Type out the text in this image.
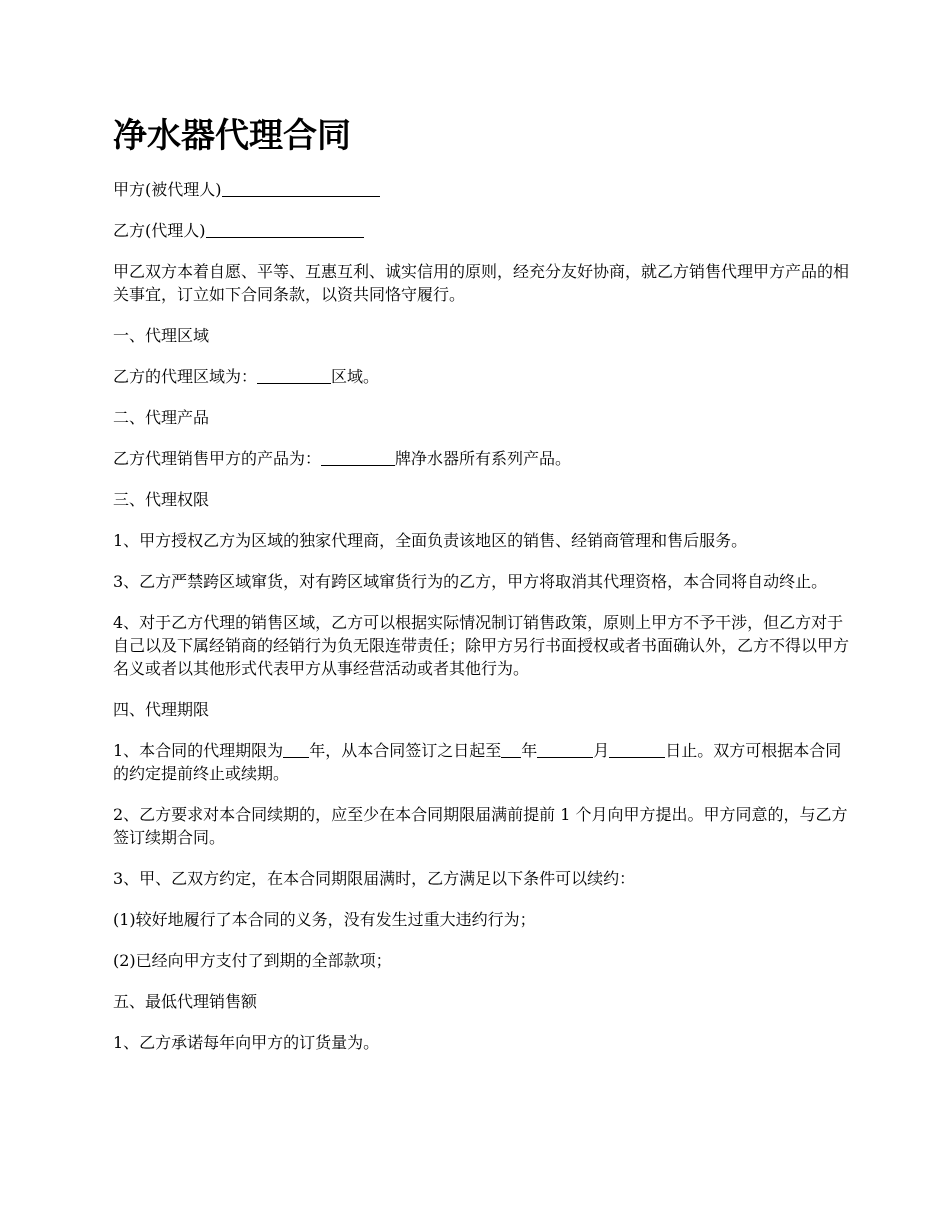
净水器代理合同

甲方(被代理人)

乙方(代理人)

甲乙双方本着自愿、平等、互惠互利、诚实信用的原则，经充分友好协商，就乙方销售代理甲方产品的相关事宜，订立如下合同条款，以资共同恪守履行。

一、代理区域

乙方的代理区域为：	区域。

二、代理产品

乙方代理销售甲方的产品为：	牌净水器所有系列产品。

三、代理权限

1、甲方授权乙方为区域的独家代理商，全面负责该地区的销售、经销商管理和售后服务。

3、乙方严禁跨区域窜货，对有跨区域窜货行为的乙方，甲方将取消其代理资格，本合同将自动终止。

4、对于乙方代理的销售区域，乙方可以根据实际情况制订销售政策，原则上甲方不予干涉，但乙方对于自己以及下属经销商的经销行为负无限连带责任；除甲方另行书面授权或者书面确认外，乙方不得以甲方名义或者以其他形式代表甲方从事经营活动或者其他行为。

四、代理期限

1、本合同的代理期限为 年，从本合同签订之日起至 年	月	日止。双方可根据本合同的约定提前终止或续期。

2、乙方要求对本合同续期的，应至少在本合同期限届满前提前 1 个月向甲方提出。甲方同意的，与乙方签订续期合同。

3、甲、乙双方约定，在本合同期限届满时，乙方满足以下条件可以续约：

(1)较好地履行了本合同的义务，没有发生过重大违约行为；

(2)已经向甲方支付了到期的全部款项；

五、最低代理销售额

1、乙方承诺每年向甲方的订货量为。
